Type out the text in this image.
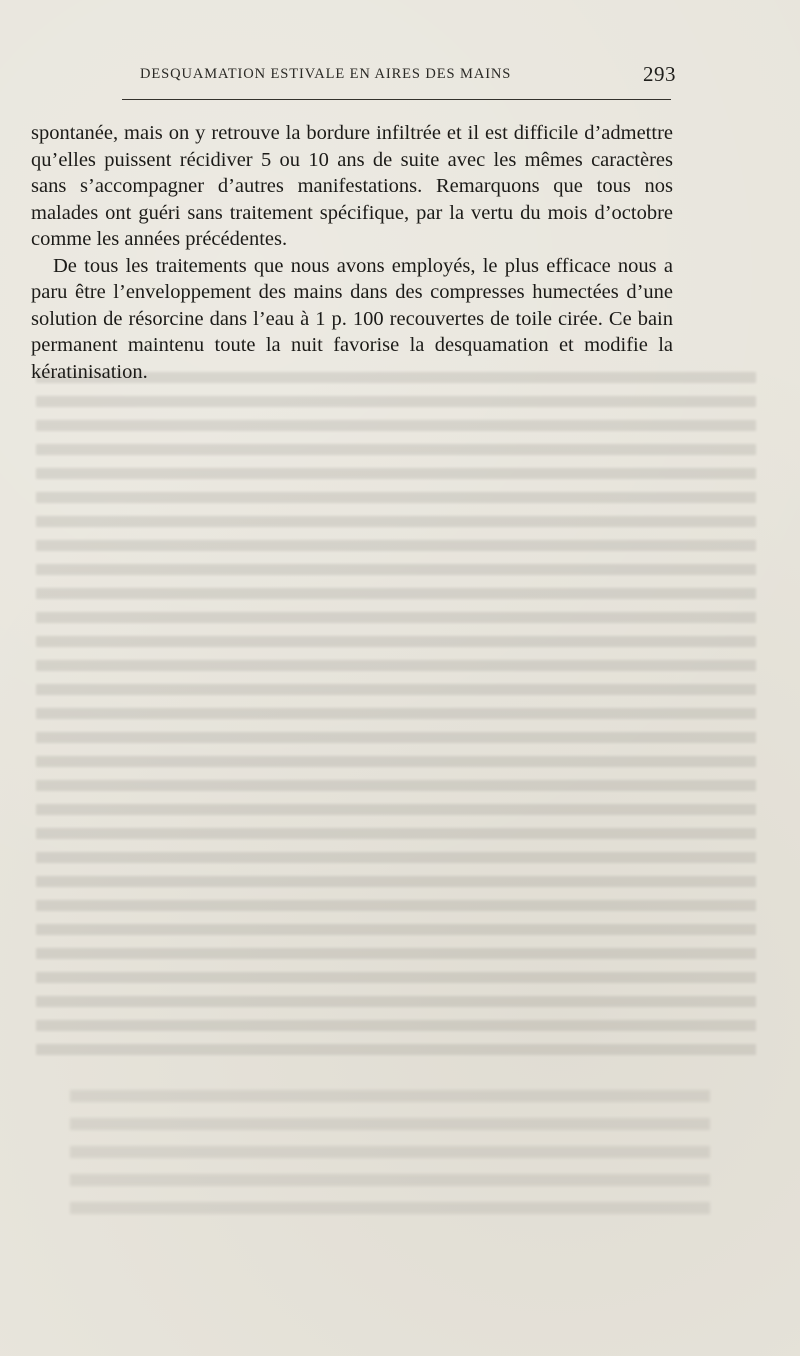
DESQUAMATION ESTIVALE EN AIRES DES MAINS	293

spontanée, mais on y retrouve la bordure infiltrée et il est difficile d’admettre qu’elles puissent récidiver 5 ou 10 ans de suite avec les mêmes caractères sans s’accompagner d’autres manifestations. Remarquons que tous nos malades ont guéri sans traitement spécifique, par la vertu du mois d’octobre comme les années précédentes.

De tous les traitements que nous avons employés, le plus efficace nous a paru être l’enveloppement des mains dans des compresses humectées d’une solution de résorcine dans l’eau à 1 p. 100 recouvertes de toile cirée. Ce bain permanent maintenu toute la nuit favorise la desquamation et modifie la kératinisation.
